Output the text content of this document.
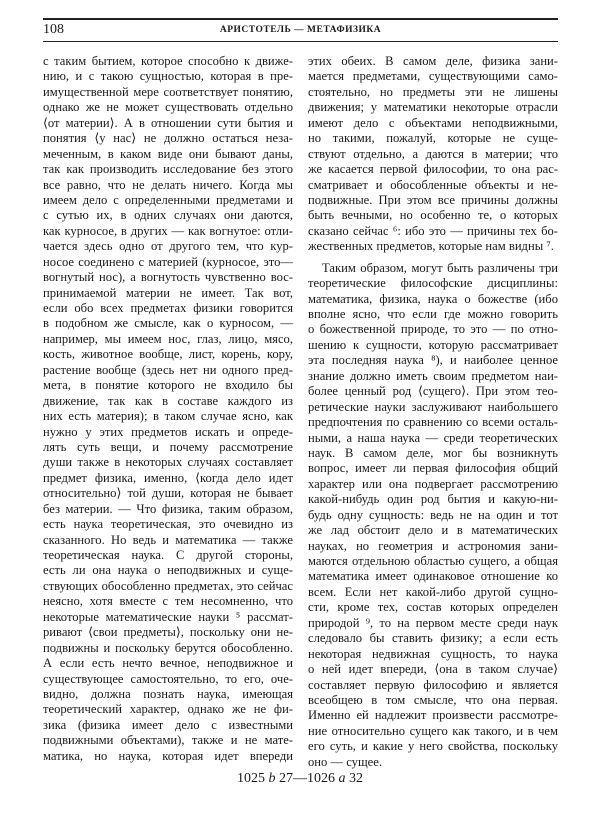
108	АРИСТОТЕЛЬ — МЕТАФИЗИКА
с таким бытием, которое способно к движе-
нию, и с такою сущностью, которая в пре-
имущественной мере соответствует понятию,
однако же не может существовать отдельно
⟨от материи⟩. А в отношении сути бытия и
понятия ⟨у нас⟩ не должно остаться неза-
меченным, в каком виде они бывают даны,
так как производить исследование без этого
все равно, что не делать ничего. Когда мы
имеем дело с определенными предметами и
с сутью их, в одних случаях они даются,
как курносое, в других — как вогнутое: отли-
чается здесь одно от другого тем, что кур-
носое соединено с материей (курносое, это—
вогнутый нос), а вогнутость чувственно вос-
принимаемой материи не имеет. Так вот,
если обо всех предметах физики говорится
в подобном же смысле, как о курносом, —
например, мы имеем нос, глаз, лицо, мясо,
кость, животное вообще, лист, корень, кору,
растение вообще (здесь нет ни одного пред-
мета, в понятие которого не входило бы
движение, так как в составе каждого из
них есть материя); в таком случае ясно, как
нужно у этих предметов искать и опреде-
лять суть вещи, и почему рассмотрение
души также в некоторых случаях составляет
предмет физика, именно, ⟨когда дело идет
относительно⟩ той души, которая не бывает
без материи. — Что физика, таким образом,
есть наука теоретическая, это очевидно из
сказанного. Но ведь и математика — также
теоретическая наука. С другой стороны,
есть ли она наука о неподвижных и суще-
ствующих обособленно предметах, это сейчас
неясно, хотя вместе с тем несомненно, что
некоторые математические науки ⁵ рассмат-
ривают ⟨свои предметы⟩, поскольку они не-
подвижны и поскольку берутся обособленно.
А если есть нечто вечное, неподвижное и
существующее самостоятельно, то его, оче-
видно, должна познать наука, имеющая
теоретический характер, однако же не фи-
зика (физика имеет дело с известными
подвижными объектами), также и не мате-
матика, но наука, которая идет впереди
этих обеих. В самом деле, физика зани-
мается предметами, существующими само-
стоятельно, но предметы эти не лишены
движения; у математики некоторые отрасли
имеют дело с объектами неподвижными,
но такими, пожалуй, которые не суще-
ствуют отдельно, а даются в материи; что
же касается первой философии, то она рас-
сматривает и обособленные объекты и не-
подвижные. При этом все причины должны
быть вечными, но особенно те, о которых
сказано сейчас ⁶: ибо это — причины тех бо-
жественных предметов, которые нам видны ⁷.
Таким образом, могут быть различены три
теоретические философские дисциплины:
математика, физика, наука о божестве (ибо
вполне ясно, что если где можно говорить
о божественной природе, то это — по отно-
шению к сущности, которую рассматривает
эта последняя наука ⁸), и наиболее ценное
знание должно иметь своим предметом наи-
более ценный род ⟨сущего⟩. При этом тео-
ретические науки заслуживают наибольшего
предпочтения по сравнению со всеми осталь-
ными, а наша наука — среди теоретических
наук. В самом деле, мог бы возникнуть
вопрос, имеет ли первая философия общий
характер или она подвергает рассмотрению
какой-нибудь один род бытия и какую-ни-
будь одну сущность: ведь не на один и тот
же лад обстоит дело и в математических
науках, но геометрия и астрономия зани-
маются отдельною областью сущего, а общая
математика имеет одинаковое отношение ко
всем. Если нет какой-либо другой сущно-
сти, кроме тех, состав которых определен
природой ⁹, то на первом месте среди наук
следовало бы ставить физику; а если есть
некоторая недвижная сущность, то наука
о ней идет впереди, ⟨она в таком случае⟩
составляет первую философию и является
всеобщею в том смысле, что она первая.
Именно ей надлежит произвести рассмотре-
ние относительно сущего как такого, и в чем
его суть, и какие у него свойства, поскольку
оно — сущее.
1025 b 27—1026 a 32
